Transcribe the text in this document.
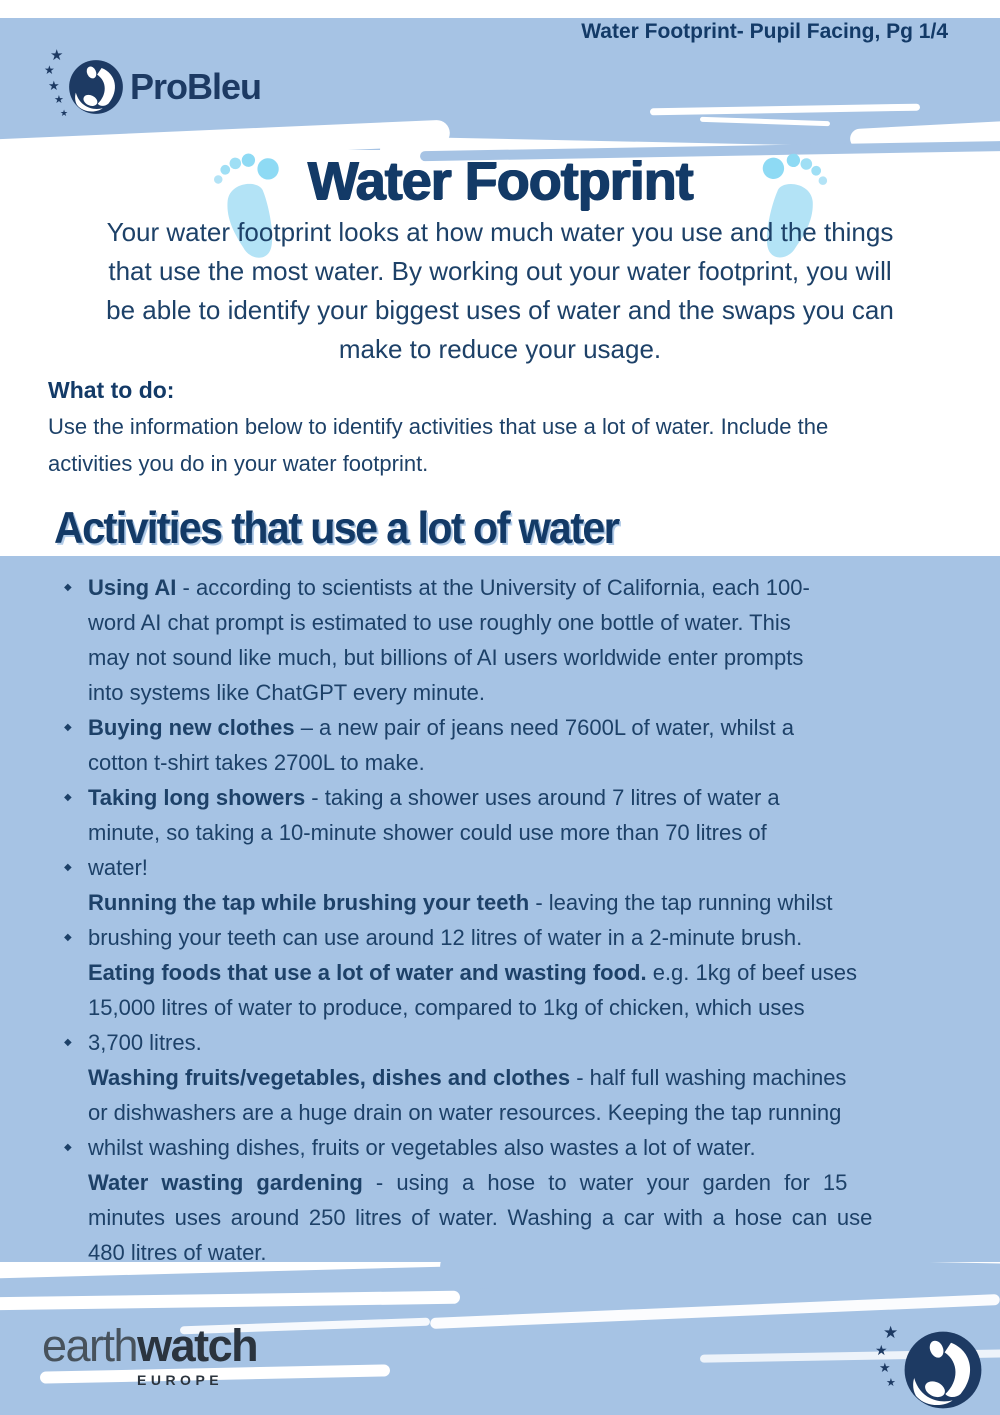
Water Footprint- Pupil Facing, Pg 1/4
★
★
★
★
★
ProBleu
Water Footprint
Your water footprint looks at how much water you use and the things
that use the most water. By working out your water footprint, you will
be able to identify your biggest uses of water and the swaps you can
make to reduce your usage.
What to do:
Use the information below to identify activities that use a lot of water. Include the
activities you do in your water footprint.
Activities that use a lot of water
◆ Using AI - according to scientists at the University of California, each 100-
word AI chat prompt is estimated to use roughly one bottle of water. This
may not sound like much, but billions of AI users worldwide enter prompts
into systems like ChatGPT every minute.
◆ Buying new clothes – a new pair of jeans need 7600L of water, whilst a
cotton t-shirt takes 2700L to make.
◆ Taking long showers - taking a shower uses around 7 litres of water a
minute, so taking a 10-minute shower could use more than 70 litres of
◆ water!
Running the tap while brushing your teeth - leaving the tap running whilst
◆ brushing your teeth can use around 12 litres of water in a 2-minute brush.
Eating foods that use a lot of water and wasting food. e.g. 1kg of beef uses
15,000 litres of water to produce, compared to 1kg of chicken, which uses
◆ 3,700 litres.
Washing fruits/vegetables, dishes and clothes - half full washing machines
or dishwashers are a huge drain on water resources. Keeping the tap running
◆ whilst washing dishes, fruits or vegetables also wastes a lot of water.
Water wasting gardening - using a hose to water your garden for 15
minutes uses around 250 litres of water. Washing a car with a hose can use
480 litres of water.
earthwatch
EUROPE
★
★
★
★
